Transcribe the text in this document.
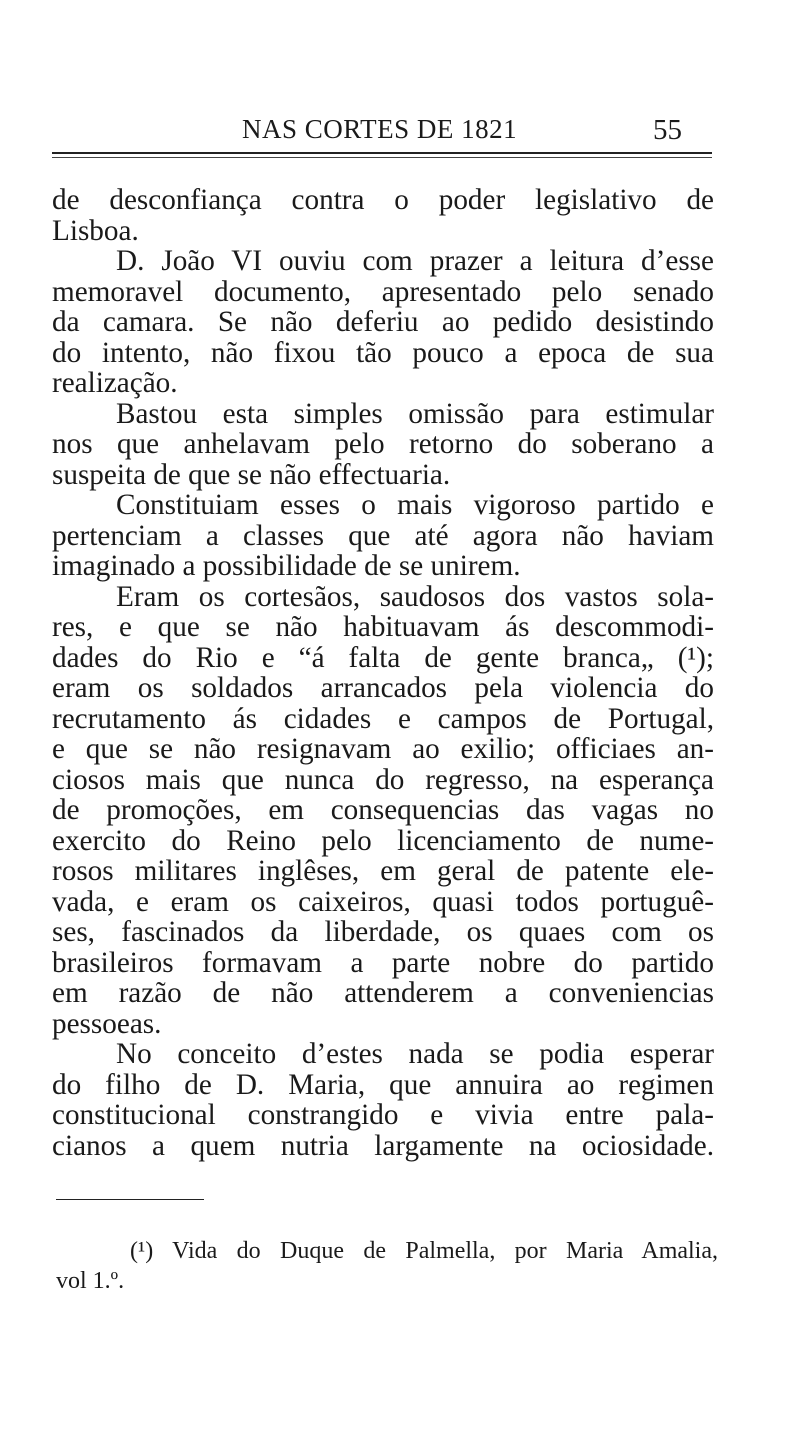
NAS CORTES DE 1821	55
de desconfiança contra o poder legislativo de
Lisboa.
D. João VI ouviu com prazer a leitura d’esse
memoravel documento, apresentado pelo senado
da camara. Se não deferiu ao pedido desistindo
do intento, não fixou tão pouco a epoca de sua
realização.
Bastou esta simples omissão para estimular
nos que anhelavam pelo retorno do soberano a
suspeita de que se não effectuaria.
Constituiam esses o mais vigoroso partido e
pertenciam a classes que até agora não haviam
imaginado a possibilidade de se unirem.
Eram os cortesãos, saudosos dos vastos sola-
res, e que se não habituavam ás descommodi-
dades do Rio e “á falta de gente branca„ (¹);
eram os soldados arrancados pela violencia do
recrutamento ás cidades e campos de Portugal,
e que se não resignavam ao exilio; officiaes an-
ciosos mais que nunca do regresso, na esperança
de promoções, em consequencias das vagas no
exercito do Reino pelo licenciamento de nume-
rosos militares inglêses, em geral de patente ele-
vada, e eram os caixeiros, quasi todos portuguê-
ses, fascinados da liberdade, os quaes com os
brasileiros formavam a parte nobre do partido
em razão de não attenderem a conveniencias
pessoeas.
No conceito d’estes nada se podia esperar
do filho de D. Maria, que annuira ao regimen
constitucional constrangido e vivia entre pala-
cianos a quem nutria largamente na ociosidade.
(¹) Vida do Duque de Palmella, por Maria Amalia,
vol 1.º.
